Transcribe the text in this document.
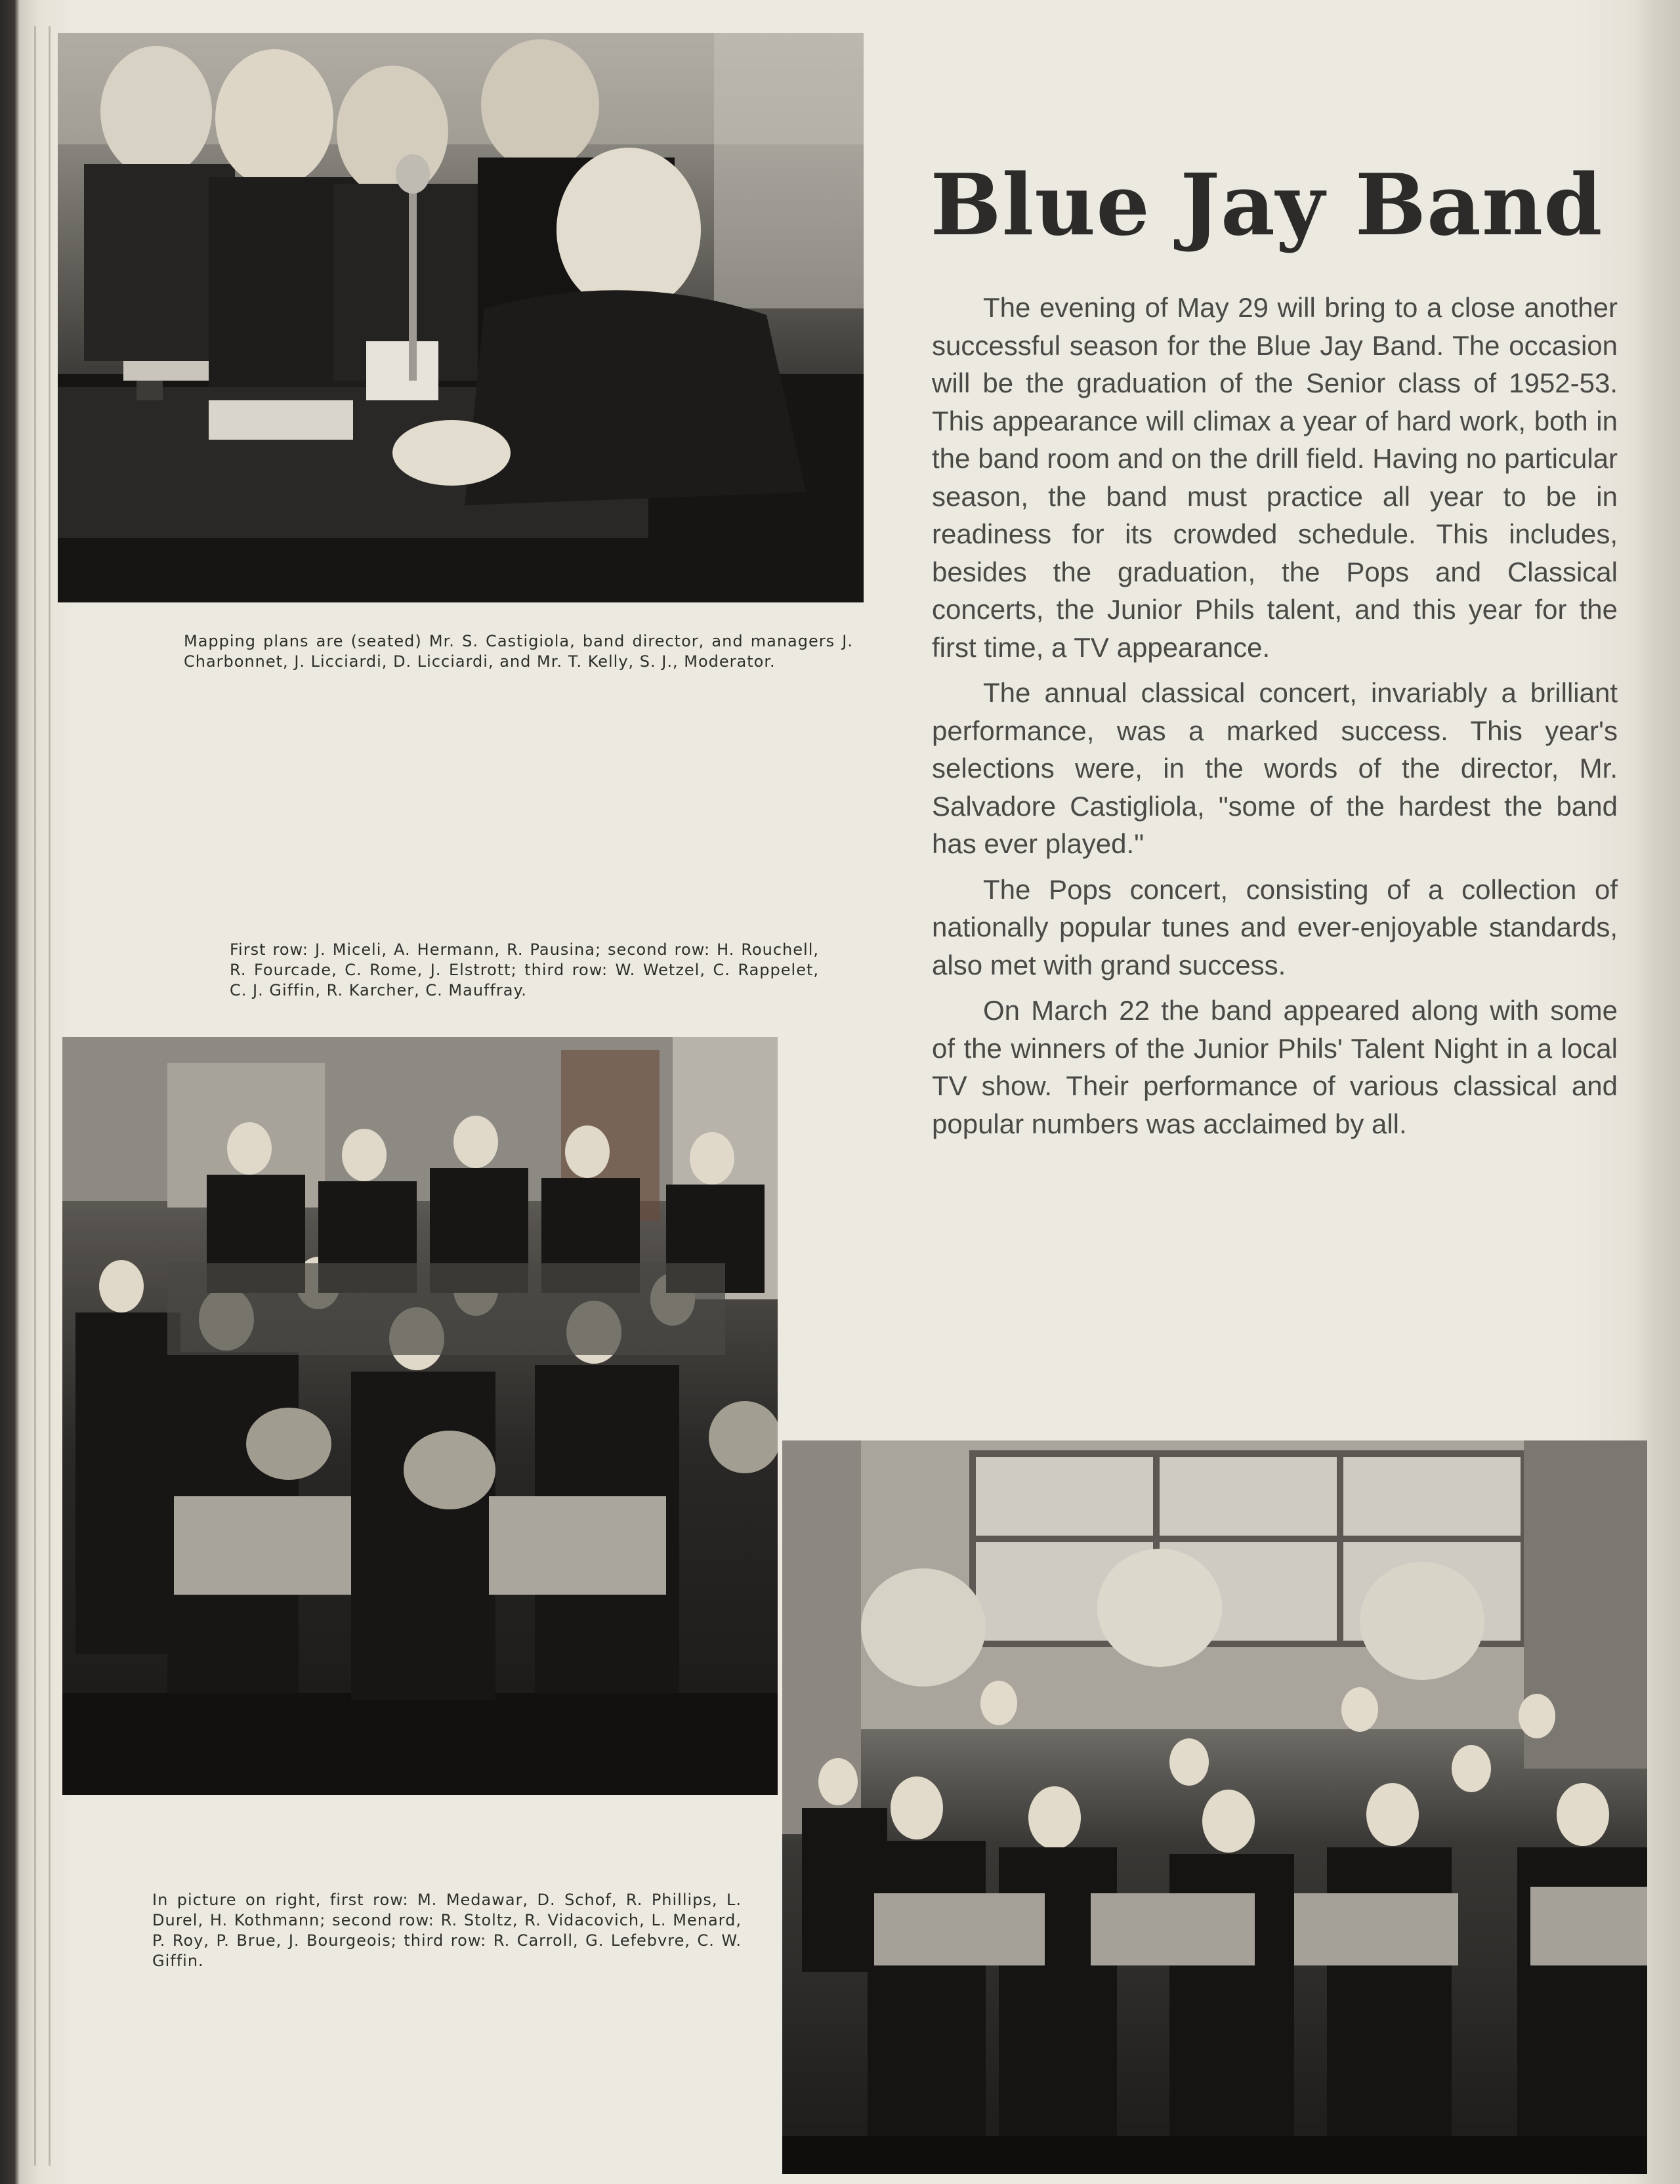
Mapping plans are (seated) Mr. S. Castigiola, band director, and managers J. Charbonnet, J. Licciardi, D. Licciardi, and Mr. T. Kelly, S. J., Moderator.
First row: J. Miceli, A. Hermann, R. Pausina; second row: H. Rouchell, R. Fourcade, C. Rome, J. Elstrott; third row: W. Wetzel, C. Rappelet, C. J. Giffin, R. Karcher, C. Mauffray.
In picture on right, first row: M. Medawar, D. Schof, R. Phillips, L. Durel, H. Kothmann; second row: R. Stoltz, R. Vidacovich, L. Menard, P. Roy, P. Brue, J. Bourgeois; third row: R. Carroll, G. Lefebvre, C. W. Giffin.
Blue Jay Band

The evening of May 29 will bring to a close another successful season for the Blue Jay Band. The occasion will be the graduation of the Senior class of 1952-53. This appearance will climax a year of hard work, both in the band room and on the drill field. Having no particular season, the band must practice all year to be in readiness for its crowded schedule. This includes, besides the graduation, the Pops and Classical concerts, the Junior Phils talent, and this year for the first time, a TV appearance.

The annual classical concert, invariably a brilliant performance, was a marked success. This year's selections were, in the words of the director, Mr. Salvadore Castigliola, "some of the hardest the band has ever played."

The Pops concert, consisting of a collection of nationally popular tunes and ever-enjoyable standards, also met with grand success.

On March 22 the band appeared along with some of the winners of the Junior Phils' Talent Night in a local TV show. Their performance of various classical and popular numbers was acclaimed by all.
